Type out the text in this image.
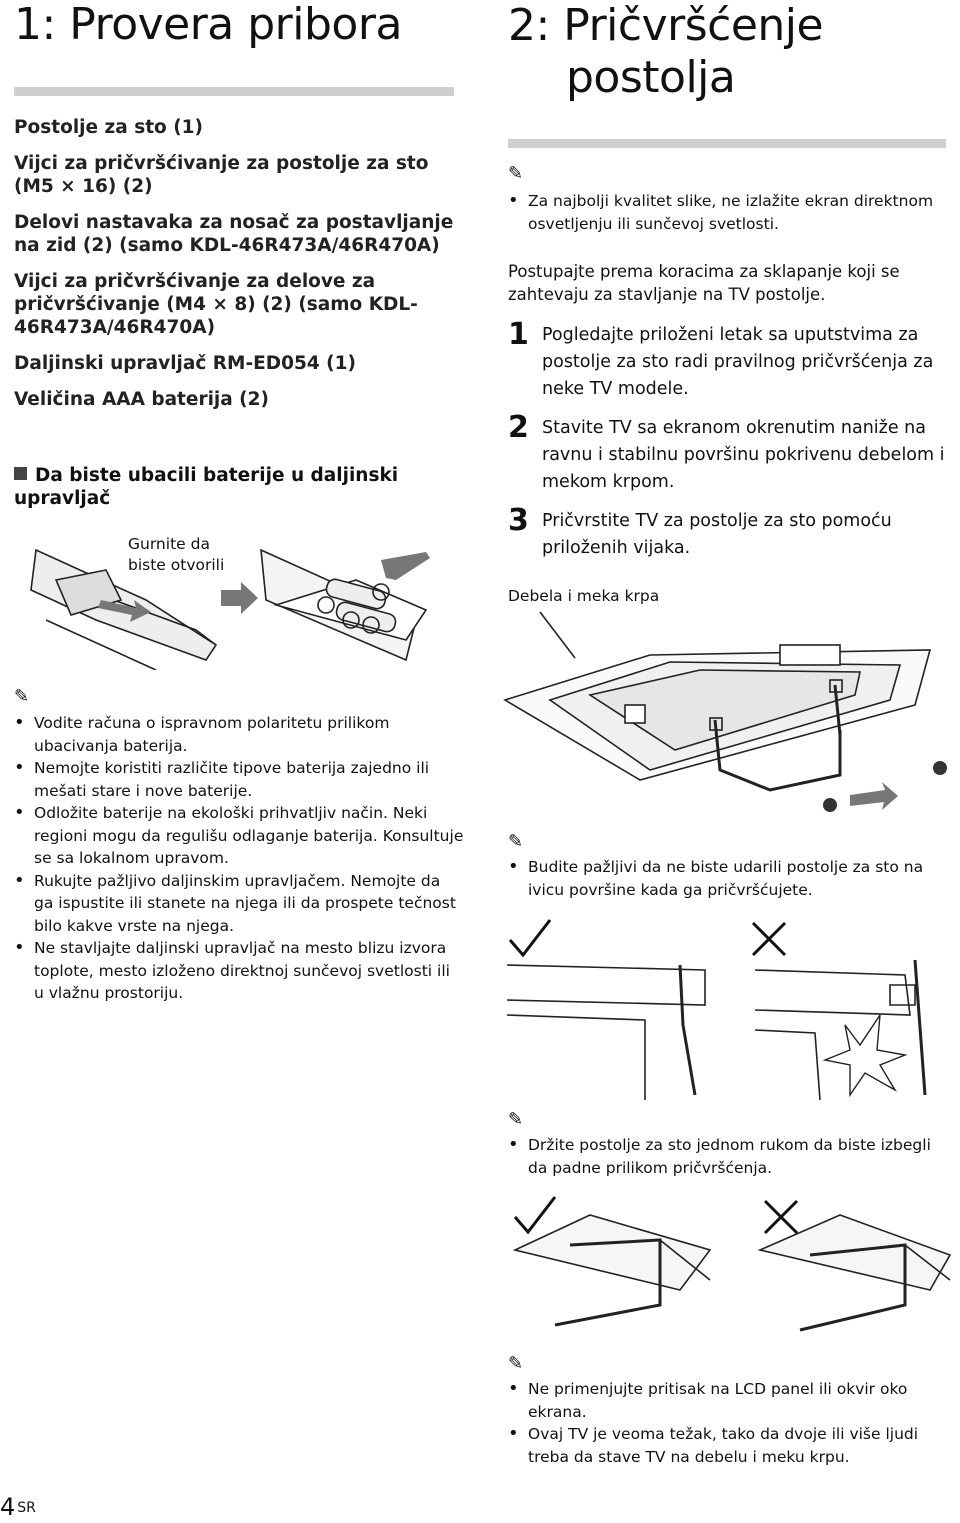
1: Provera pribora
Postolje za sto (1)
Vijci za pričvršćivanje za postolje za sto (M5 × 16) (2)
Delovi nastavaka za nosač za postavljanje na zid (2) (samo KDL-46R473A/46R470A)
Vijci za pričvršćivanje za delove za pričvršćivanje (M4 × 8) (2) (samo KDL-46R473A/46R470A)
Daljinski upravljač RM-ED054 (1)
Veličina AAA baterija (2)
Da biste ubacili baterije u daljinski upravljač
Gurnite da biste otvorili
✎
• Vodite računa o ispravnom polaritetu prilikom ubacivanja baterija.
• Nemojte koristiti različite tipove baterija zajedno ili mešati stare i nove baterije.
• Odložite baterije na ekološki prihvatljiv način. Neki regioni mogu da regulišu odlaganje baterija. Konsultuje se sa lokalnom upravom.
• Rukujte pažljivo daljinskim upravljačem. Nemojte da ga ispustite ili stanete na njega ili da prospete tečnost bilo kakve vrste na njega.
• Ne stavljajte daljinski upravljač na mesto blizu izvora toplote, mesto izloženo direktnoj sunčevoj svetlosti ili u vlažnu prostoriju.
2: Pričvršćenje
postolja
✎
• Za najbolji kvalitet slike, ne izlažite ekran direktnom osvetljenju ili sunčevoj svetlosti.
Postupajte prema koracima za sklapanje koji se zahtevaju za stavljanje na TV postolje.
1 Pogledajte priloženi letak sa uputstvima za postolje za sto radi pravilnog pričvršćenja za neke TV modele.
2 Stavite TV sa ekranom okrenutim naniže na ravnu i stabilnu površinu pokrivenu debelom i mekom krpom.
3 Pričvrstite TV za postolje za sto pomoću priloženih vijaka.
Debela i meka krpa
✎
• Budite pažljivi da ne biste udarili postolje za sto na ivicu površine kada ga pričvršćujete.
✎
• Držite postolje za sto jednom rukom da biste izbegli da padne prilikom pričvršćenja.
✎
• Ne primenjujte pritisak na LCD panel ili okvir oko ekrana.
• Ovaj TV je veoma težak, tako da dvoje ili više ljudi treba da stave TV na debelu i meku krpu.
4 SR
